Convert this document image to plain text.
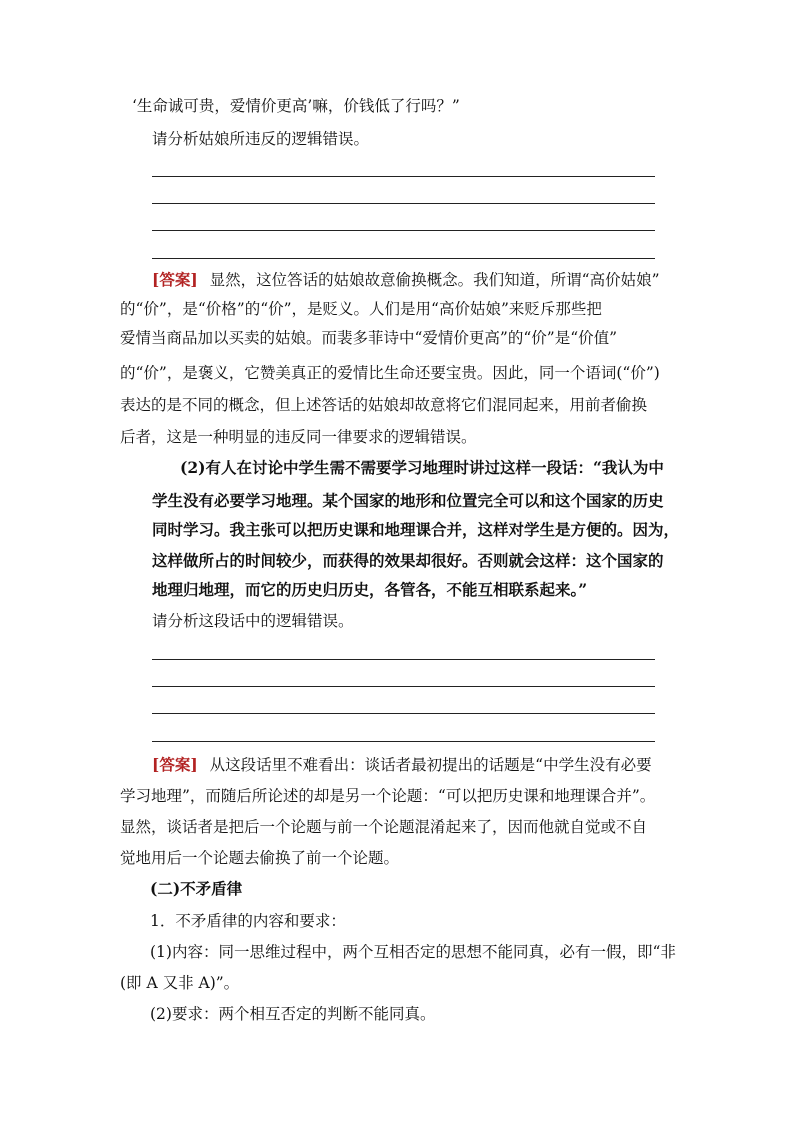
‘生命诚可贵，爱情价更高’嘛，价钱低了行吗？”
请分析姑娘所违反的逻辑错误。
[答案] 显然，这位答话的姑娘故意偷换概念。我们知道，所谓“高价姑娘”
的“价”，是“价格”的“价”，是贬义。人们是用“高价姑娘”来贬斥那些把
爱情当商品加以买卖的姑娘。而裴多菲诗中“爱情价更高”的“价”是“价值”
的“价”，是褒义，它赞美真正的爱情比生命还要宝贵。因此，同一个语词(“价”)
表达的是不同的概念，但上述答话的姑娘却故意将它们混同起来，用前者偷换
后者，这是一种明显的违反同一律要求的逻辑错误。
(2)有人在讨论中学生需不需要学习地理时讲过这样一段话：“我认为中
学生没有必要学习地理。某个国家的地形和位置完全可以和这个国家的历史
同时学习。我主张可以把历史课和地理课合并，这样对学生是方便的。因为，
这样做所占的时间较少，而获得的效果却很好。否则就会这样：这个国家的
地理归地理，而它的历史归历史，各管各，不能互相联系起来。”
请分析这段话中的逻辑错误。
[答案] 从这段话里不难看出：谈话者最初提出的话题是“中学生没有必要
学习地理”，而随后所论述的却是另一个论题：“可以把历史课和地理课合并”。
显然，谈话者是把后一个论题与前一个论题混淆起来了，因而他就自觉或不自
觉地用后一个论题去偷换了前一个论题。
(二)不矛盾律
1．不矛盾律的内容和要求：
(1)内容：同一思维过程中，两个互相否定的思想不能同真，必有一假，即“非
(即 A 又非 A)”。
(2)要求：两个相互否定的判断不能同真。
